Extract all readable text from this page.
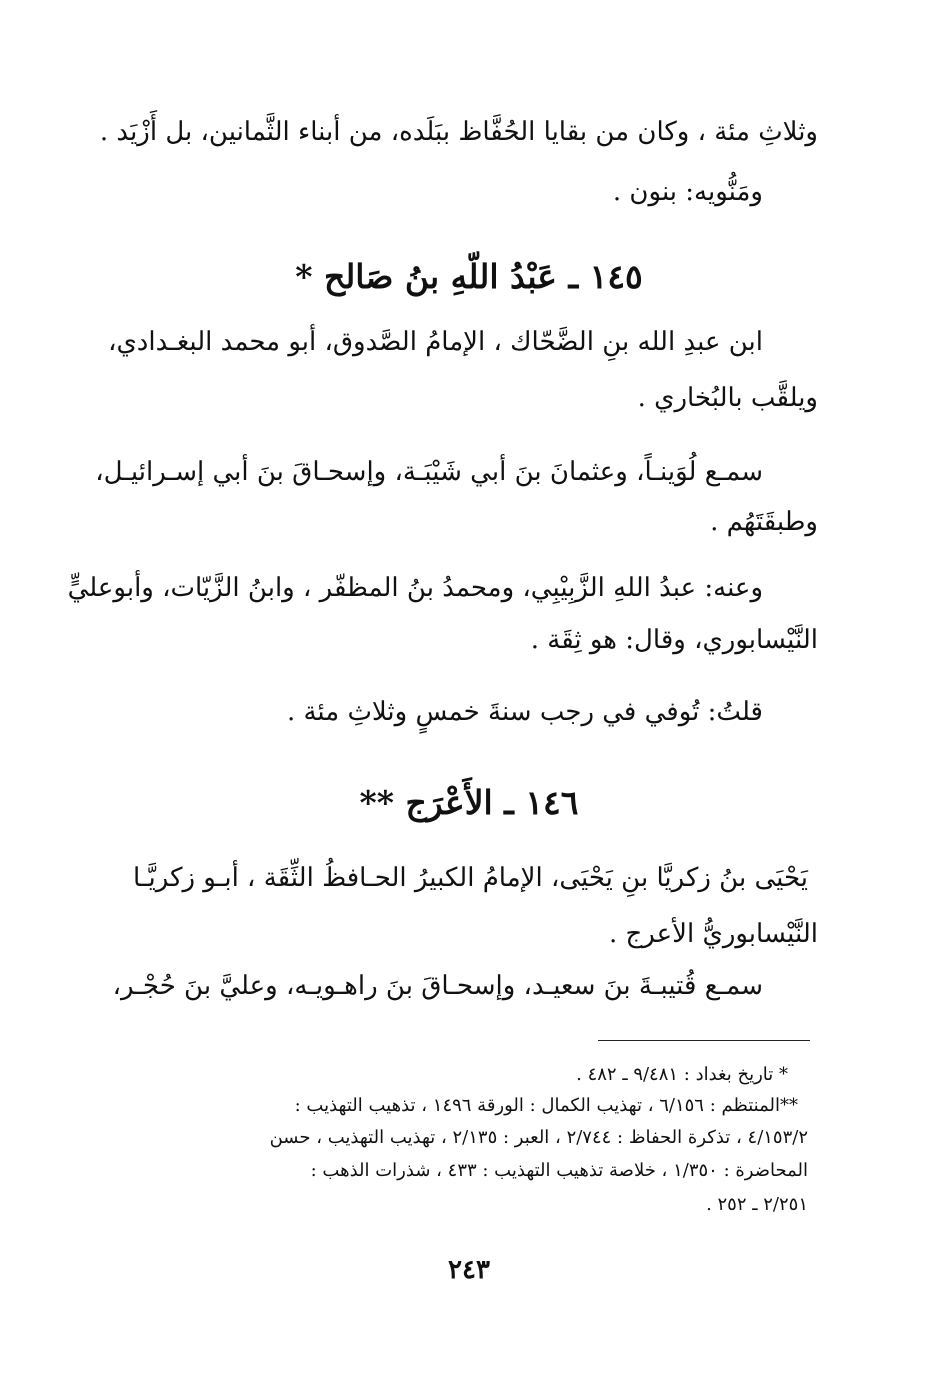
وثلاثِ مئة ، وكان من بقايا الحُفَّاظ ببَلَده، من أبناء الثَّمانين، بل أَزْيَد .
ومَنُّويه: بنون .
١٤٥ ـ عَبْدُ اللّهِ بنُ صَالح *
ابن عبدِ الله بنِ الضَّحّاك ، الإمامُ الصَّدوق، أبو محمد البغـدادي،
ويلقَّب بالبُخاري .
سمـع لُوَينـاً، وعثمانَ بنَ أبي شَيْبَـة، وإسحـاقَ بنَ أبي إسـرائيـل،
وطبقَتَهُم .
وعنه: عبدُ اللهِ الزَّبِيْبِي، ومحمدُ بنُ المظفّر ، وابنُ الزَّيّات، وأبوعليٍّ
النَّيْسابوري، وقال: هو ثِقَة .
قلتُ: تُوفي في رجب سنةَ خمسٍ وثلاثِ مئة .
١٤٦ ـ الأَعْرَج **
يَحْيَى بنُ زكريَّا بنِ يَحْيَى، الإمامُ الكبيرُ الحـافظُ الثِّقَة ، أبـو زكريَّـا
النَّيْسابوريُّ الأعرج .
سمـع قُتيبـةَ بنَ سعيـد، وإسحـاقَ بنَ راهـويـه، وعليَّ بنَ حُجْـر،
* تاريخ بغداد : ٩/٤٨١ ـ ٤٨٢ .
**المنتظم : ٦/١٥٦ ، تهذيب الكمال : الورقة ١٤٩٦ ، تذهيب التهذيب :
٤/١٥٣/٢ ، تذكرة الحفاظ : ٢/٧٤٤ ، العبر : ٢/١٣٥ ، تهذيب التهذيب ، حسن
المحاضرة : ١/٣٥٠ ، خلاصة تذهيب التهذيب : ٤٣٣ ، شذرات الذهب :
٢/٢٥١ ـ ٢٥٢ .
٢٤٣
